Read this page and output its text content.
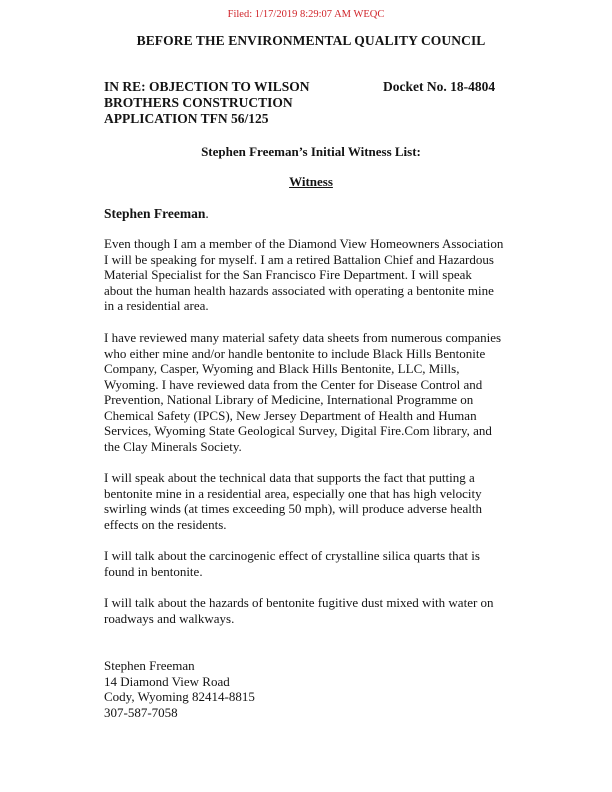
Filed: 1/17/2019 8:29:07 AM WEQC
BEFORE THE ENVIRONMENTAL QUALITY COUNCIL
IN RE: OBJECTION TO WILSON
BROTHERS CONSTRUCTION
APPLICATION TFN 56/125
Docket No. 18-4804
Stephen Freeman’s Initial Witness List:
Witness
Stephen Freeman.
Even though I am a member of the Diamond View Homeowners Association
I will be speaking for myself. I am a retired Battalion Chief and Hazardous
Material Specialist for the San Francisco Fire Department. I will speak
about the human health hazards associated with operating a bentonite mine
in a residential area.
I have reviewed many material safety data sheets from numerous companies
who either mine and/or handle bentonite to include Black Hills Bentonite
Company, Casper, Wyoming and Black Hills Bentonite, LLC, Mills,
Wyoming. I have reviewed data from the Center for Disease Control and
Prevention, National Library of Medicine, International Programme on
Chemical Safety (IPCS), New Jersey Department of Health and Human
Services, Wyoming State Geological Survey, Digital Fire.Com library, and
the Clay Minerals Society.
I will speak about the technical data that supports the fact that putting a
bentonite mine in a residential area, especially one that has high velocity
swirling winds (at times exceeding 50 mph), will produce adverse health
effects on the residents.
I will talk about the carcinogenic effect of crystalline silica quarts that is
found in bentonite.
I will talk about the hazards of bentonite fugitive dust mixed with water on
roadways and walkways.
Stephen Freeman
14 Diamond View Road
Cody, Wyoming 82414-8815
307-587-7058
